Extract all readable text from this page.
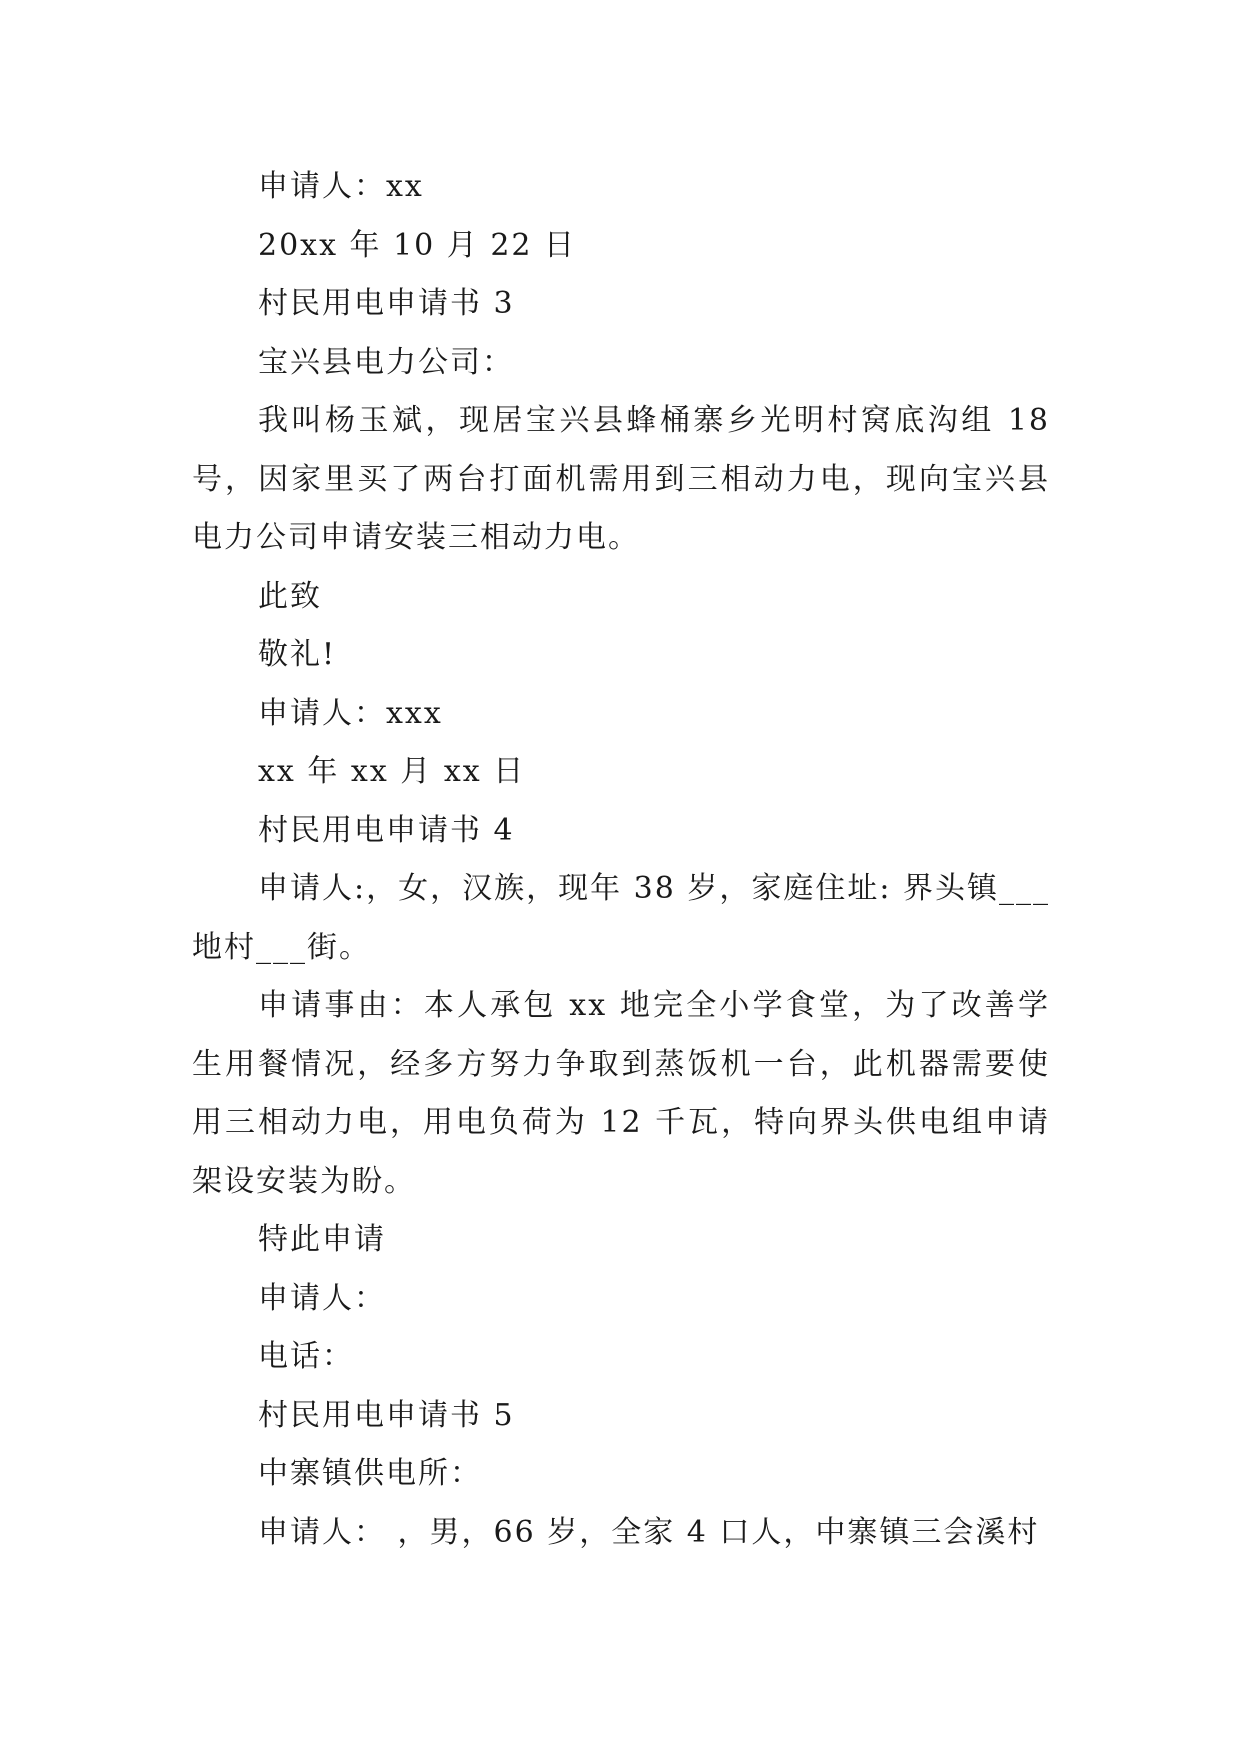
申请人：xx
20xx 年 10 月 22 日
村民用电申请书 3
宝兴县电力公司：

我叫杨玉斌，现居宝兴县蜂桶寨乡光明村窝底沟组 18 号，因家里买了两台打面机需用到三相动力电，现向宝兴县电力公司申请安装三相动力电。

此致
敬礼!
申请人：xxx
xx 年 xx 月 xx 日
村民用电申请书 4

申请人:，女，汉族，现年 38 岁，家庭住址: 界头镇___地村___街。

申请事由：本人承包 xx 地完全小学食堂，为了改善学生用餐情况，经多方努力争取到蒸饭机一台，此机器需要使用三相动力电，用电负荷为 12 千瓦，特向界头供电组申请架设安装为盼。

特此申请
申请人：
电话：
村民用电申请书 5
中寨镇供电所：
申请人： ，男，66 岁，全家 4 口人，中寨镇三会溪村
